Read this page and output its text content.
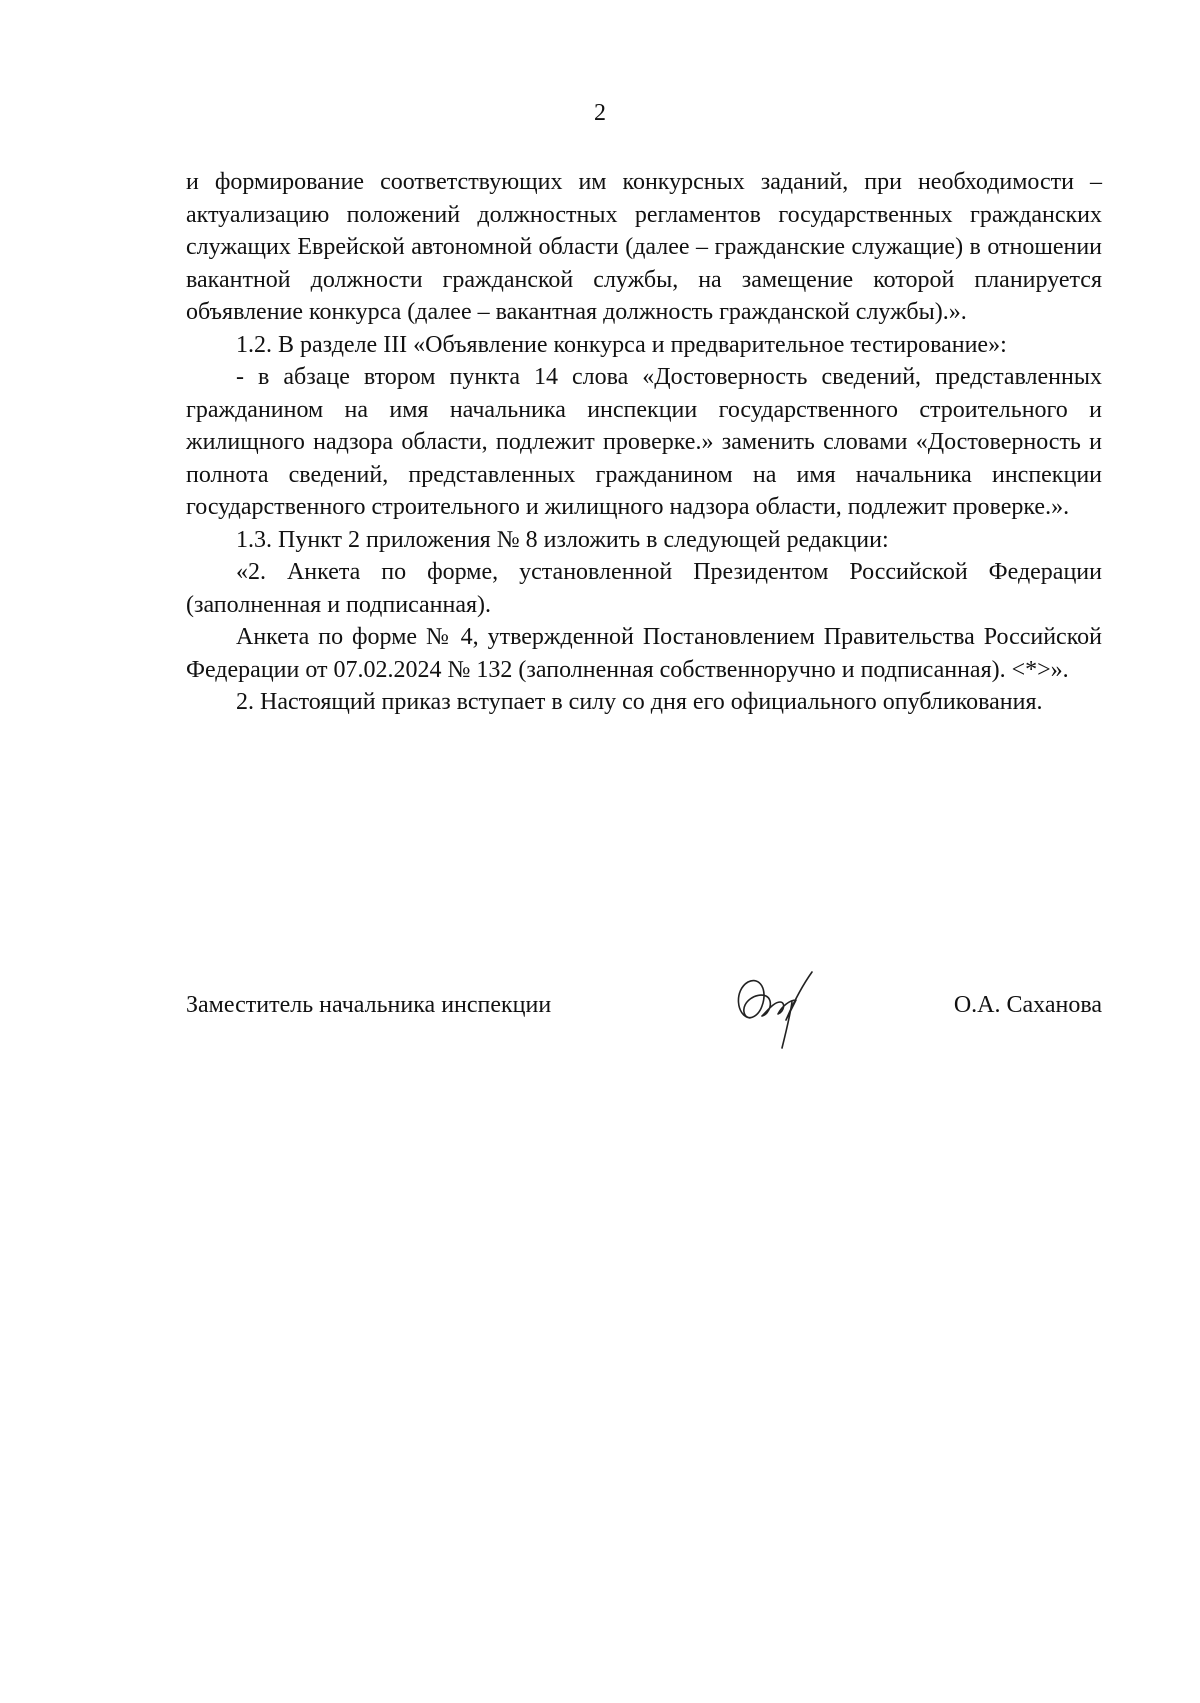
2

и формирование соответствующих им конкурсных заданий, при необходимости – актуализацию положений должностных регламентов государственных гражданских служащих Еврейской автономной области (далее – гражданские служащие) в отношении вакантной должности гражданской службы, на замещение которой планируется объявление конкурса (далее – вакантная должность гражданской службы).».

1.2. В разделе III «Объявление конкурса и предварительное тестирование»:

- в абзаце втором пункта 14 слова «Достоверность сведений, представленных гражданином на имя начальника инспекции государственного строительного и жилищного надзора области, подлежит проверке.» заменить словами «Достоверность и полнота сведений, представленных гражданином на имя начальника инспекции государственного строительного и жилищного надзора области, подлежит проверке.».

1.3. Пункт 2 приложения № 8 изложить в следующей редакции:

«2. Анкета по форме, установленной Президентом Российской Федерации (заполненная и подписанная).

Анкета по форме № 4, утвержденной Постановлением Правительства Российской Федерации от 07.02.2024 № 132 (заполненная собственноручно и подписанная). <*>».

2. Настоящий приказ вступает в силу со дня его официального опубликования.

Заместитель начальника инспекции	О.А. Саханова
